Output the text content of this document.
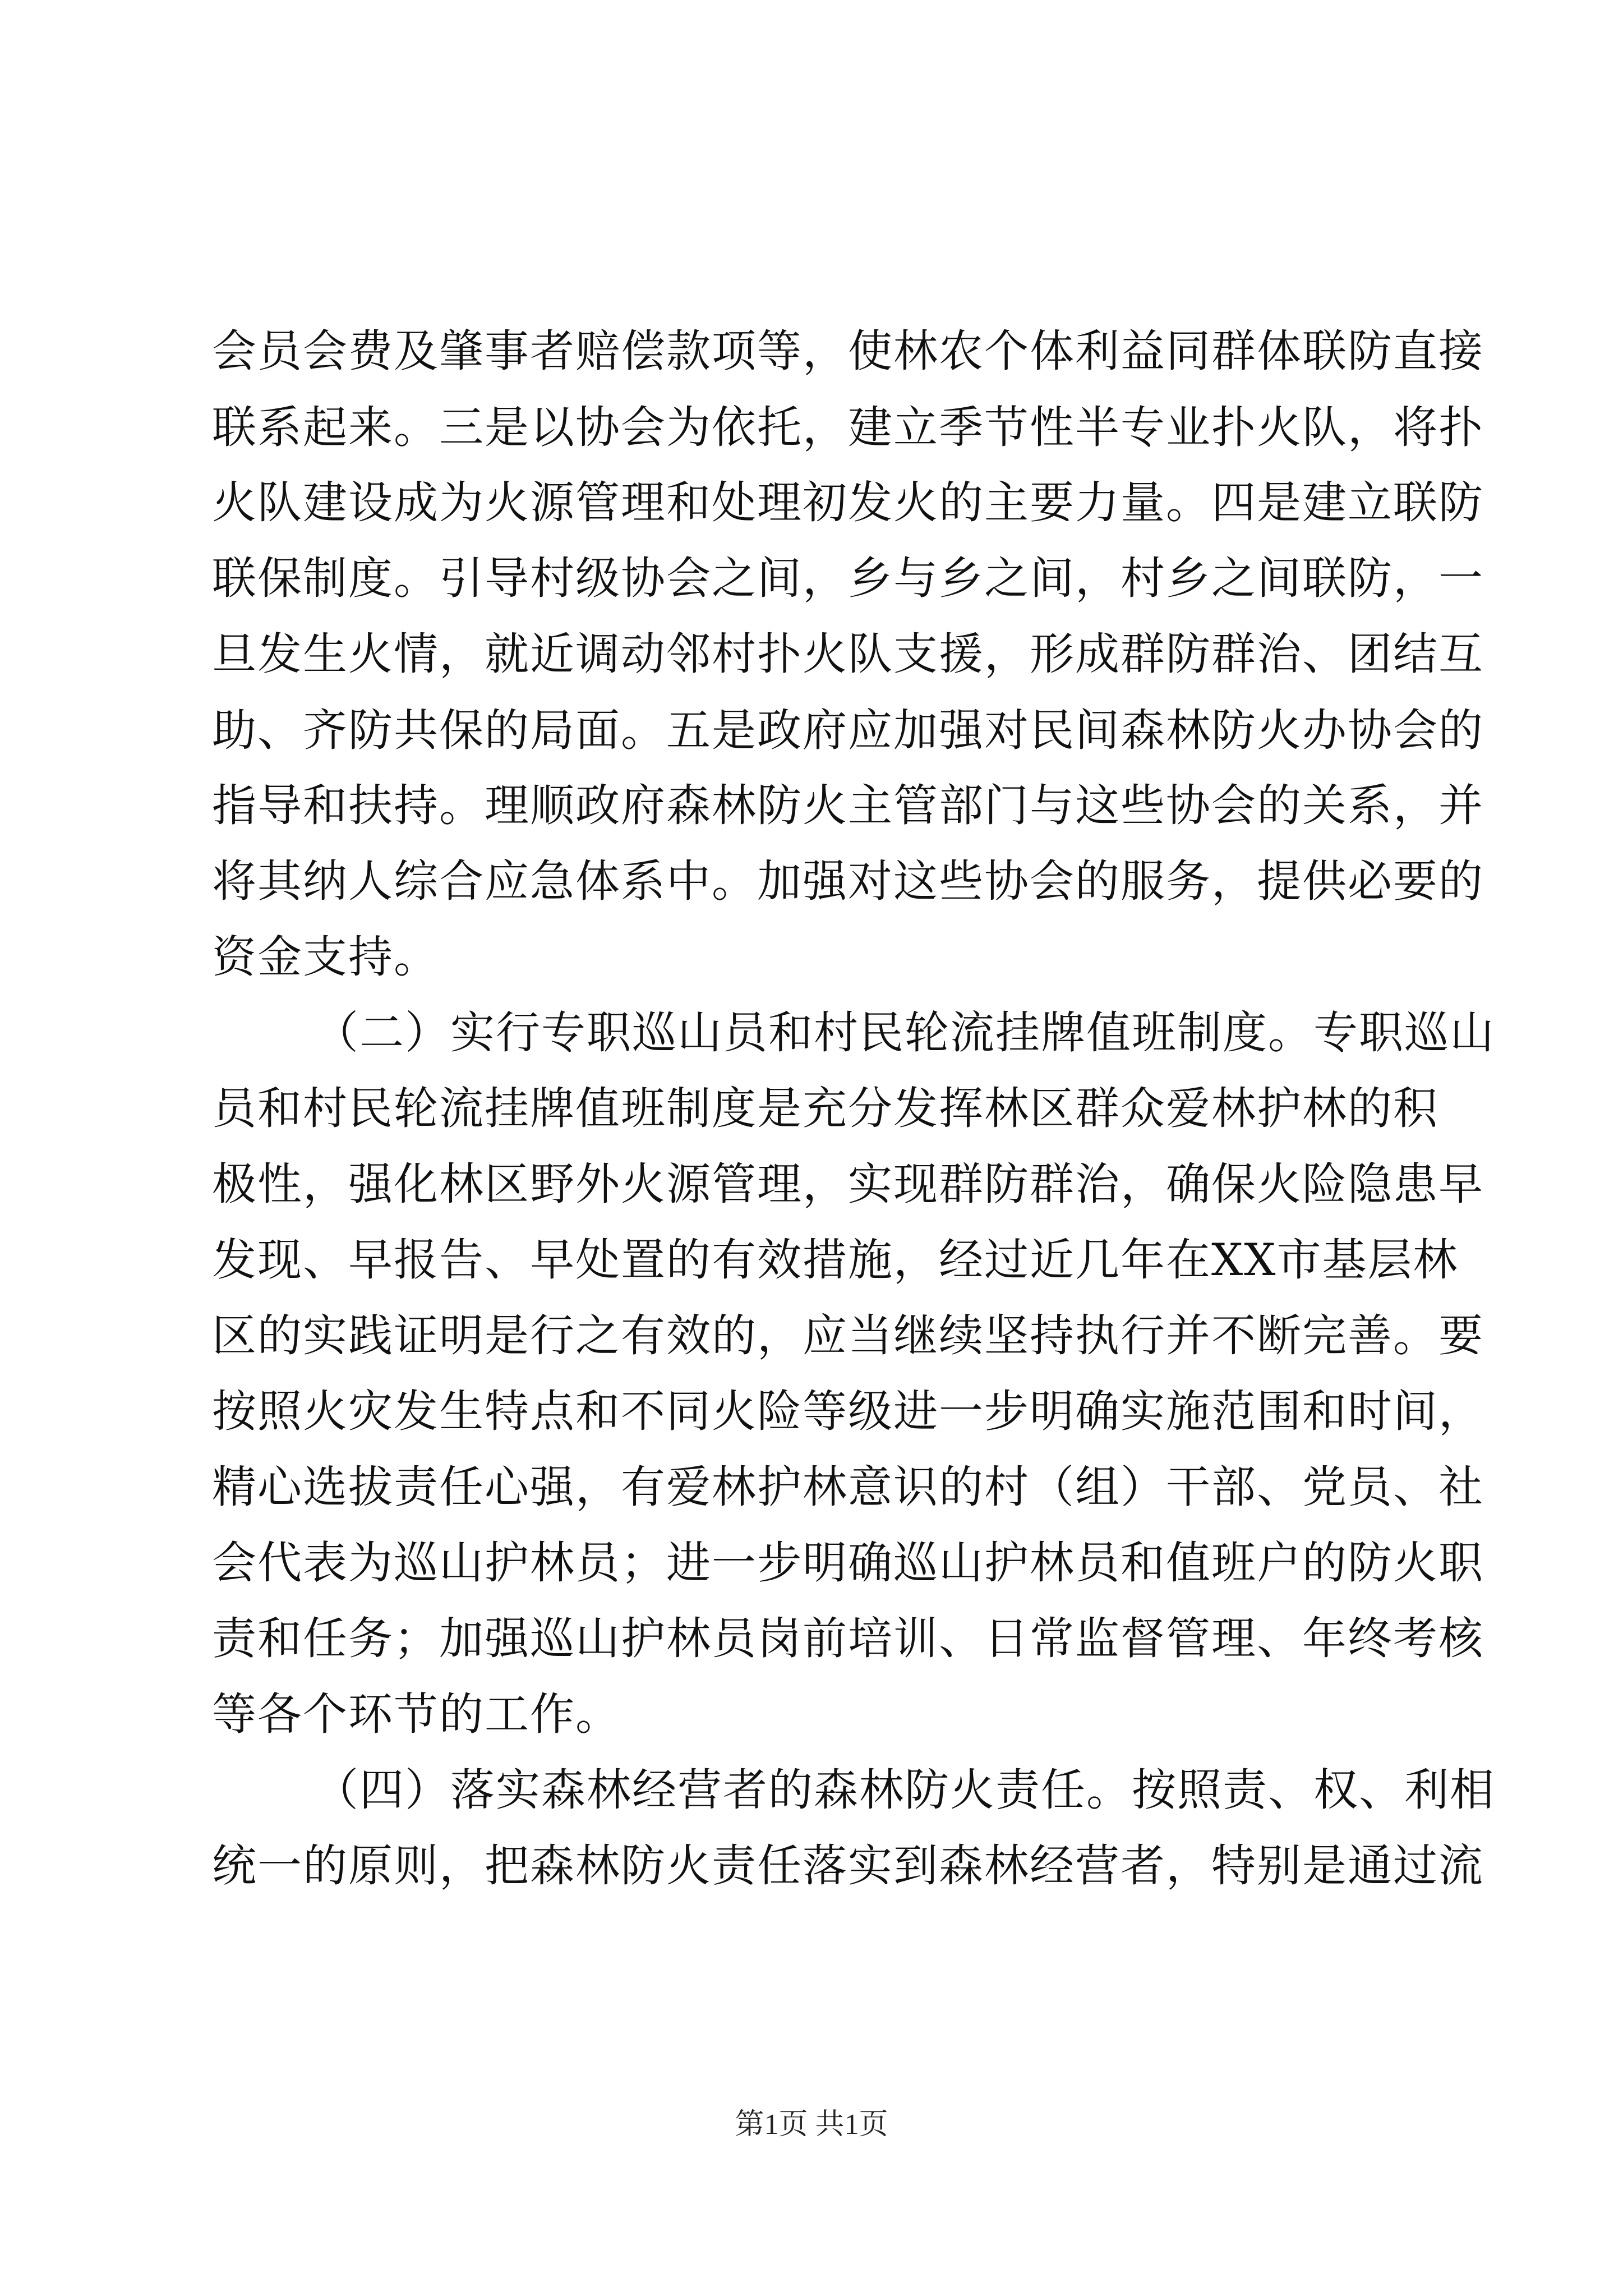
会员会费及肇事者赔偿款项等，使林农个体利益同群体联防直接
联系起来。三是以协会为依托，建立季节性半专业扑火队，将扑
火队建设成为火源管理和处理初发火的主要力量。四是建立联防
联保制度。引导村级协会之间，乡与乡之间，村乡之间联防，一
旦发生火情，就近调动邻村扑火队支援，形成群防群治、团结互
助、齐防共保的局面。五是政府应加强对民间森林防火办协会的
指导和扶持。理顺政府森林防火主管部门与这些协会的关系，并
将其纳人综合应急体系中。加强对这些协会的服务，提供必要的
资金支持。
（二）实行专职巡山员和村民轮流挂牌值班制度。专职巡山
员和村民轮流挂牌值班制度是充分发挥林区群众爱林护林的积
极性，强化林区野外火源管理，实现群防群治，确保火险隐患早
发现、早报告、早处置的有效措施，经过近几年在XX市基层林
区的实践证明是行之有效的，应当继续坚持执行并不断完善。要
按照火灾发生特点和不同火险等级进一步明确实施范围和时间，
精心选拔责任心强，有爱林护林意识的村（组）干部、党员、社
会代表为巡山护林员；进一步明确巡山护林员和值班户的防火职
责和任务；加强巡山护林员岗前培训、日常监督管理、年终考核
等各个环节的工作。
（四）落实森林经营者的森林防火责任。按照责、权、利相
统一的原则，把森林防火责任落实到森林经营者，特别是通过流
第1页 共1页
